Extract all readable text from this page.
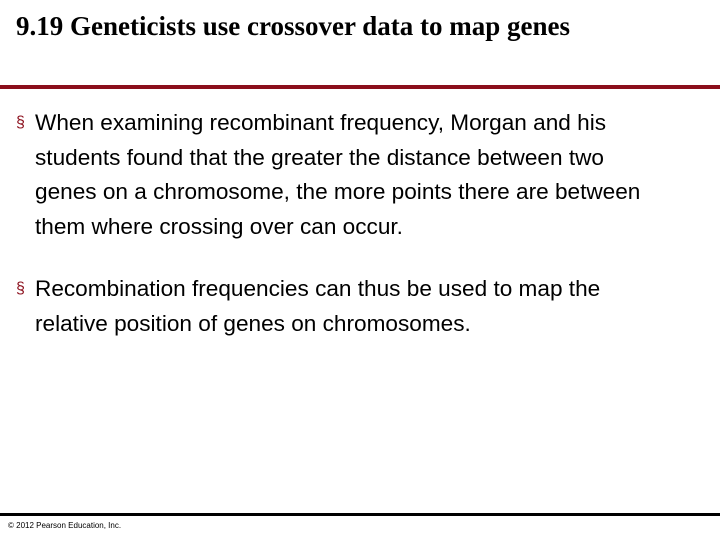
9.19 Geneticists use crossover data to map genes
§ When examining recombinant frequency, Morgan and his students found that the greater the distance between two genes on a chromosome, the more points there are between them where crossing over can occur.
§ Recombination frequencies can thus be used to map the relative position of genes on chromosomes.
© 2012 Pearson Education, Inc.
